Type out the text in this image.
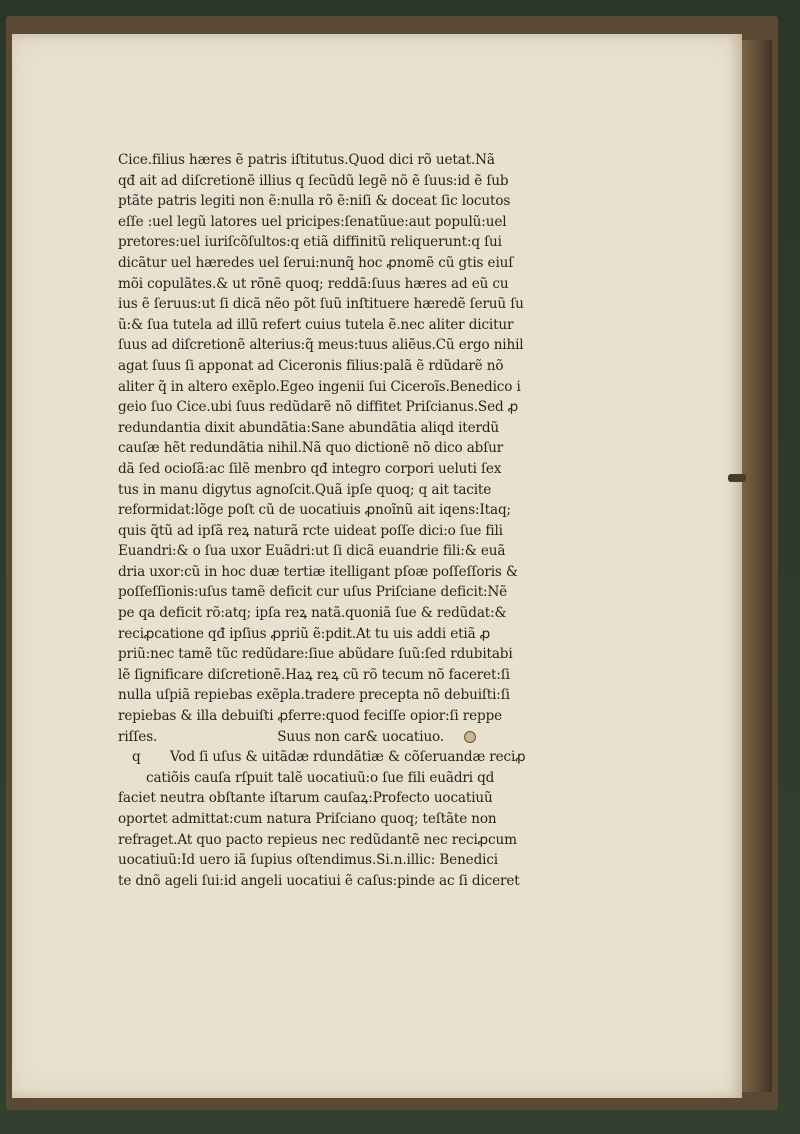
Cice.filius hæres ẽ patris iſtitutus.Quod dici rõ uetat.Nã
qđ ait ad diſcretionẽ illius q ſecũdũ legẽ nõ ẽ ſuus:id ẽ ſub
ptãte patris legiti non ẽ:nulla rõ ẽ:niſi & doceat ſic locutos
eſſe :uel legũ latores uel pricipes:ſenatũue:aut populũ:uel
pretores:uel iuriſcõſultos:q etiã diffinitũ reliquerunt:q ſui
dicãtur uel hæredes uel ſerui:nunq̃ hoc ꝓnomẽ cũ gtis eiuſ
mõi copulãtes.& ut rõnẽ quoq; reddã:ſuus hæres ad eũ cu
ius ẽ ſeruus:ut ſi dicã nẽo põt ſuũ inſtituere hæredẽ ſeruũ ſu
ũ:& ſua tutela ad illũ refert cuius tutela ẽ.nec aliter dicitur
ſuus ad diſcretionẽ alterius:q̃ meus:tuus aliẽus.Cũ ergo nihil
agat ſuus ſi apponat ad Ciceronis filius:palã ẽ rdũdarẽ nõ
aliter q̃ in altero exẽplo.Egeo ingenii ſui Ciceroĩs.Benedico i
geio ſuo Cice.ubi ſuus redũdarẽ nõ diffitet Priſcianus.Sed ꝓ
redundantia dixit abundãtia:Sane abundãtia aliqd iterdũ
cauſæ hẽt redundãtia nihil.Nã quo dictionẽ nõ dico abſur
dã ſed ocioſã:ac ſilẽ menbro qđ integro corpori ueluti ſex
tus in manu digytus agnoſcit.Quã ipſe quoq; q ait tacite
reformidat:lõge poſt cũ de uocatiuis ꝓnoĩnũ ait iqens:Itaq;
quis q̃tũ ad ipſã reꝝ naturã rcte uideat poſſe dici:o ſue fili
Euandri:& o ſua uxor Euãdri:ut ſi dicã euandrie fili:& euã
dria uxor:cũ in hoc duæ tertiæ itelligant pſoæ poſſeſſoris &
poſſeſſionis:uſus tamẽ deficit cur uſus Priſciane deficit:Nẽ
pe qa deficit rõ:atq; ipſa reꝝ natã.quoniã ſue & redũdat:&
reciꝓcatione qđ ipſius ꝓpriũ ẽ:pdit.At tu uis addi etiã ꝓ
priũ:nec tamẽ tũc redũdare:ſiue abũdare ſuũ:ſed rdubitabi
lẽ ſignificare diſcretionẽ.Haꝝ reꝝ cũ rõ tecum nõ faceret:ſi
nulla uſpiã repiebas exẽpla.tradere precepta nõ debuiſti:ſi
repiebas & illa debuiſti ꝓferre:quod feciſſe opior:ſi reppe
riſſes.	Suus non car& uocatiuo.
q Vod ſi uſus & uitãdæ rdundãtiæ & cõſeruandæ reciꝓ
catiõis cauſa rſpuit talẽ uocatiuũ:o ſue fili euãdri qd
faciet neutra obſtante iſtarum cauſaꝝ:Profecto uocatiuũ
oportet admittat:cum natura Priſciano quoq; teſtãte non
refraget.At quo pacto repieus nec redũdantẽ nec reciꝓcum
uocatiuũ:Id uero iã ſupius oſtendimus.Si.n.illic: Benedici
te dnõ ageli ſui:id angeli uocatiui ẽ caſus:pinde ac ſi diceret
